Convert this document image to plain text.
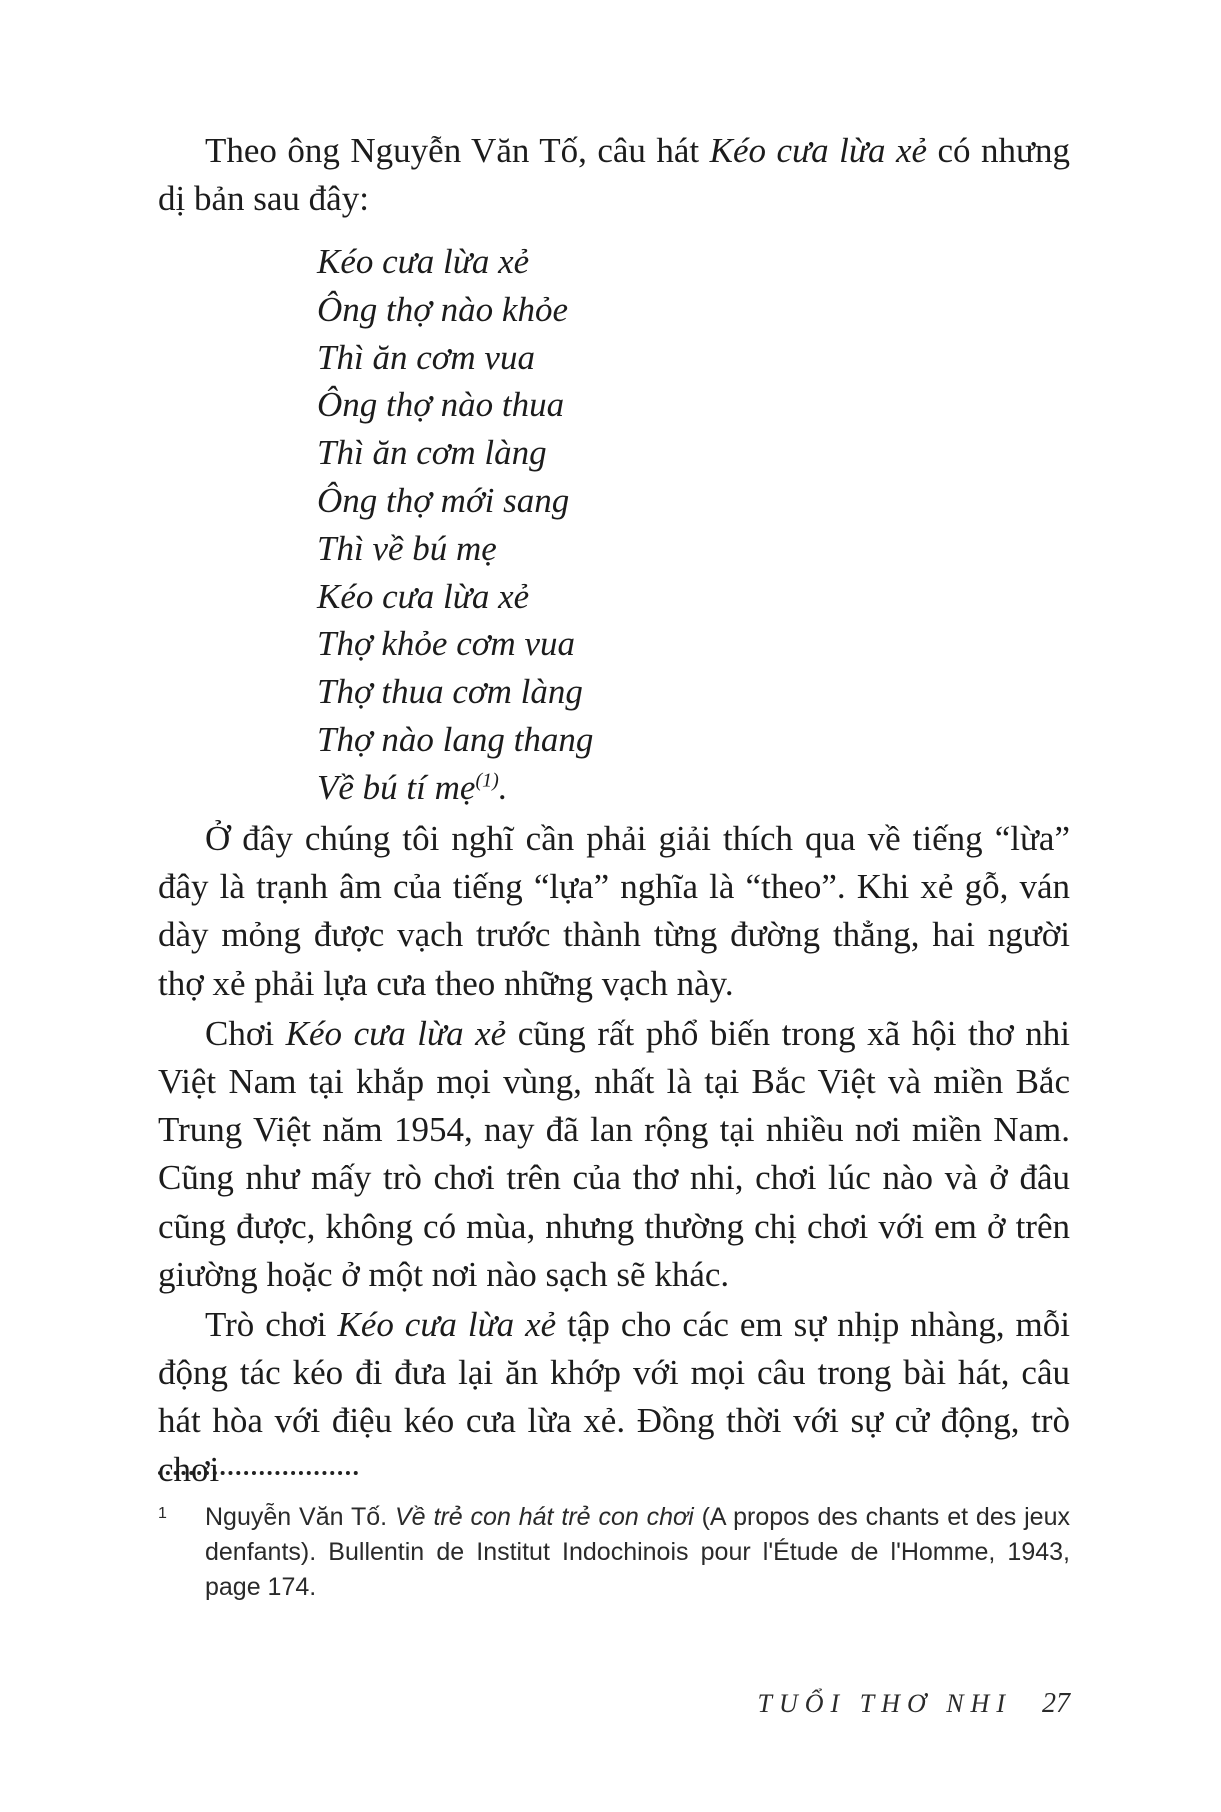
Theo ông Nguyễn Văn Tố, câu hát Kéo cưa lừa xẻ có nhưng dị bản sau đây:

Kéo cưa lừa xẻ
Ông thợ nào khỏe
Thì ăn cơm vua
Ông thợ nào thua
Thì ăn cơm làng
Ông thợ mới sang
Thì về bú mẹ
Kéo cưa lừa xẻ
Thợ khỏe cơm vua
Thợ thua cơm làng
Thợ nào lang thang
Về bú tí mẹ$^{(1)}$.

Ở đây chúng tôi nghĩ cần phải giải thích qua về tiếng “lừa” đây là trạnh âm của tiếng “lựa” nghĩa là “theo”. Khi xẻ gỗ, ván dày mỏng được vạch trước thành từng đường thẳng, hai người thợ xẻ phải lựa cưa theo những vạch này.

Chơi Kéo cưa lừa xẻ cũng rất phổ biến trong xã hội thơ nhi Việt Nam tại khắp mọi vùng, nhất là tại Bắc Việt và miền Bắc Trung Việt năm 1954, nay đã lan rộng tại nhiều nơi miền Nam. Cũng như mấy trò chơi trên của thơ nhi, chơi lúc nào và ở đâu cũng được, không có mùa, nhưng thường chị chơi với em ở trên giường hoặc ở một nơi nào sạch sẽ khác.

Trò chơi Kéo cưa lừa xẻ tập cho các em sự nhịp nhàng, mỗi động tác kéo đi đưa lại ăn khớp với mọi câu trong bài hát, câu hát hòa với điệu kéo cưa lừa xẻ. Đồng thời với sự cử động, trò chơi

1 Nguyễn Văn Tố. Về trẻ con hát trẻ con chơi (A propos des chants et des jeux denfants). Bullentin de Institut Indochinois pour l'Étude de l'Homme, 1943, page 174.
TUỔI THƠ NHI 27
